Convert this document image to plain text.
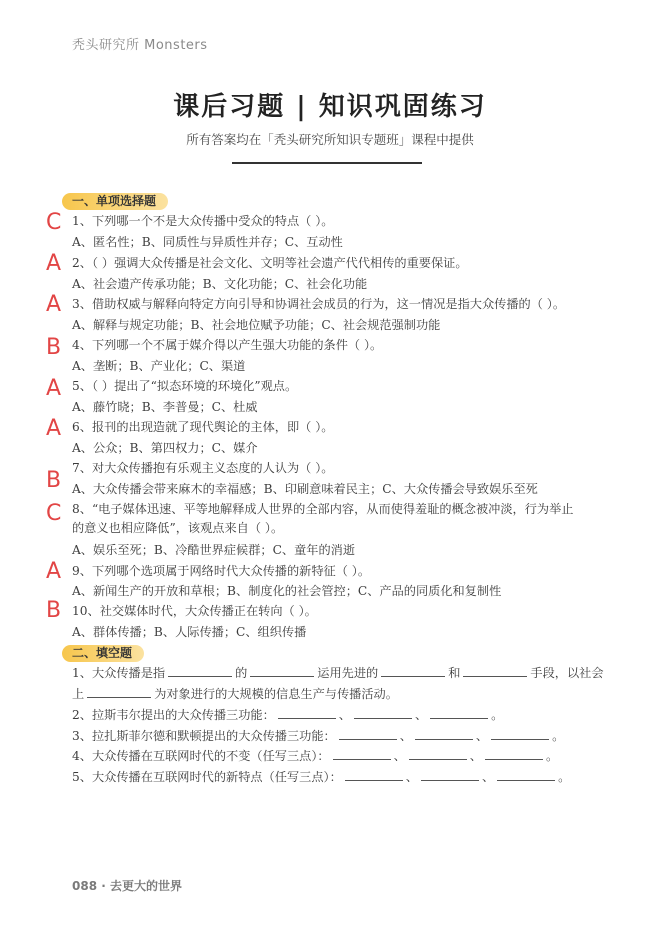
秃头研究所 Monsters
课后习题 | 知识巩固练习
所有答案均在「秃头研究所知识专题班」课程中提供
一、单项选择题
C 1、下列哪一个不是大众传播中受众的特点（ ）。
A、匿名性；B、同质性与异质性并存；C、互动性
A 2、（ ）强调大众传播是社会文化、文明等社会遗产代代相传的重要保证。
A、社会遗产传承功能；B、文化功能；C、社会化功能
A 3、借助权威与解释向特定方向引导和协调社会成员的行为，这一情况是指大众传播的（ ）。
A、解释与规定功能；B、社会地位赋予功能；C、社会规范强制功能
B 4、下列哪一个不属于媒介得以产生强大功能的条件（ ）。
A、垄断；B、产业化；C、渠道
A 5、（ ）提出了“拟态环境的环境化”观点。
A、藤竹晓；B、李普曼；C、杜威
A 6、报刊的出现造就了现代舆论的主体，即（ ）。
A、公众；B、第四权力；C、媒介
B 7、对大众传播抱有乐观主义态度的人认为（ ）。
A、大众传播会带来麻木的幸福感；B、印刷意味着民主；C、大众传播会导致娱乐至死
C 8、“电子媒体迅速、平等地解释成人世界的全部内容，从而使得羞耻的概念被冲淡，行为举止
的意义也相应降低”，该观点来自（ ）。
A、娱乐至死；B、冷酷世界症候群；C、童年的消逝
A 9、下列哪个选项属于网络时代大众传播的新特征（ ）。
A、新闻生产的开放和草根；B、制度化的社会管控；C、产品的同质化和复制性
B 10、社交媒体时代，大众传播正在转向（ ）。
A、群体传播；B、人际传播；C、组织传播
二、填空题
1、大众传播是指	的	运用先进的	和	手段，以社会
上	为对象进行的大规模的信息生产与传播活动。
2、拉斯韦尔提出的大众传播三功能：	、	、	。
3、拉扎斯菲尔德和默顿提出的大众传播三功能：	、	、	。
4、大众传播在互联网时代的不变（任写三点）：	、	、	。
5、大众传播在互联网时代的新特点（任写三点）：	、	、	。
088 · 去更大的世界
